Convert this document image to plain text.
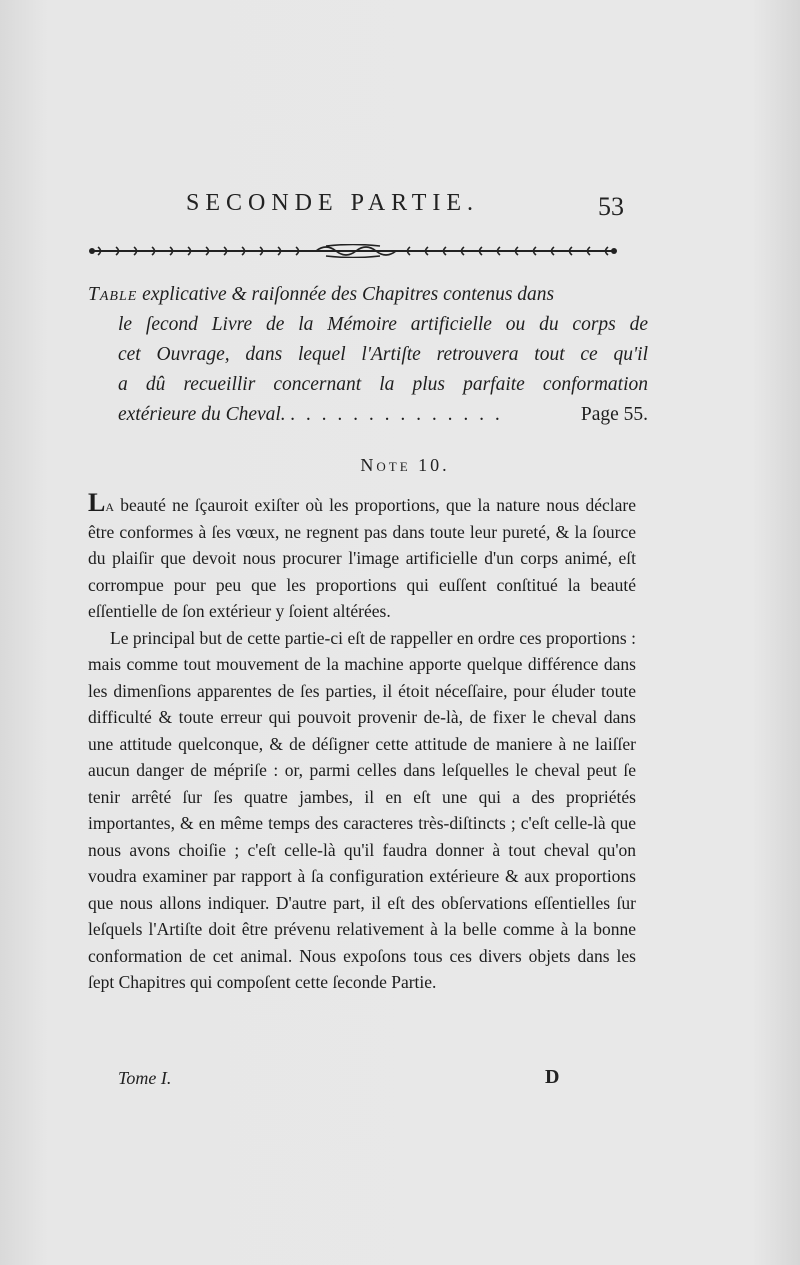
SECONDE PARTIE.	53
Table explicative & raiſonnée des Chapitres contenus dans
le ſecond Livre de la Mémoire artificielle ou du corps de
cet Ouvrage, dans lequel l'Artiſte retrouvera tout ce qu'il
a dû recueillir concernant la plus parfaite conformation
extérieure du Cheval. . . . . . . . . . . . . . .	Page 55.
Note 10.

La beauté ne ſçauroit exiſter où les proportions, que la nature nous déclare être conformes à ſes vœux, ne regnent pas dans toute leur pureté, & la ſource du plaiſir que devoit nous procurer l'image artificielle d'un corps animé, eſt corrompue pour peu que les proportions qui euſſent conſtitué la beauté eſſentielle de ſon extérieur y ſoient altérées.

Le principal but de cette partie-ci eſt de rappeller en ordre ces proportions : mais comme tout mouvement de la machine apporte quelque différence dans les dimenſions apparentes de ſes parties, il étoit néceſſaire, pour éluder toute difficulté & toute erreur qui pouvoit provenir de-là, de fixer le cheval dans une attitude quelconque, & de déſigner cette attitude de maniere à ne laiſſer aucun danger de mépriſe : or, parmi celles dans leſquelles le cheval peut ſe tenir arrêté ſur ſes quatre jambes, il en eſt une qui a des propriétés importantes, & en même temps des caracteres très-diſtincts ; c'eſt celle-là que nous avons choiſie ; c'eſt celle-là qu'il faudra donner à tout cheval qu'on voudra examiner par rapport à ſa configuration extérieure & aux proportions que nous allons indiquer. D'autre part, il eſt des obſervations eſſentielles ſur leſquels l'Artiſte doit être prévenu relativement à la belle comme à la bonne conformation de cet animal. Nous expoſons tous ces divers objets dans les ſept Chapitres qui compoſent cette ſeconde Partie.

Tome I.	D
